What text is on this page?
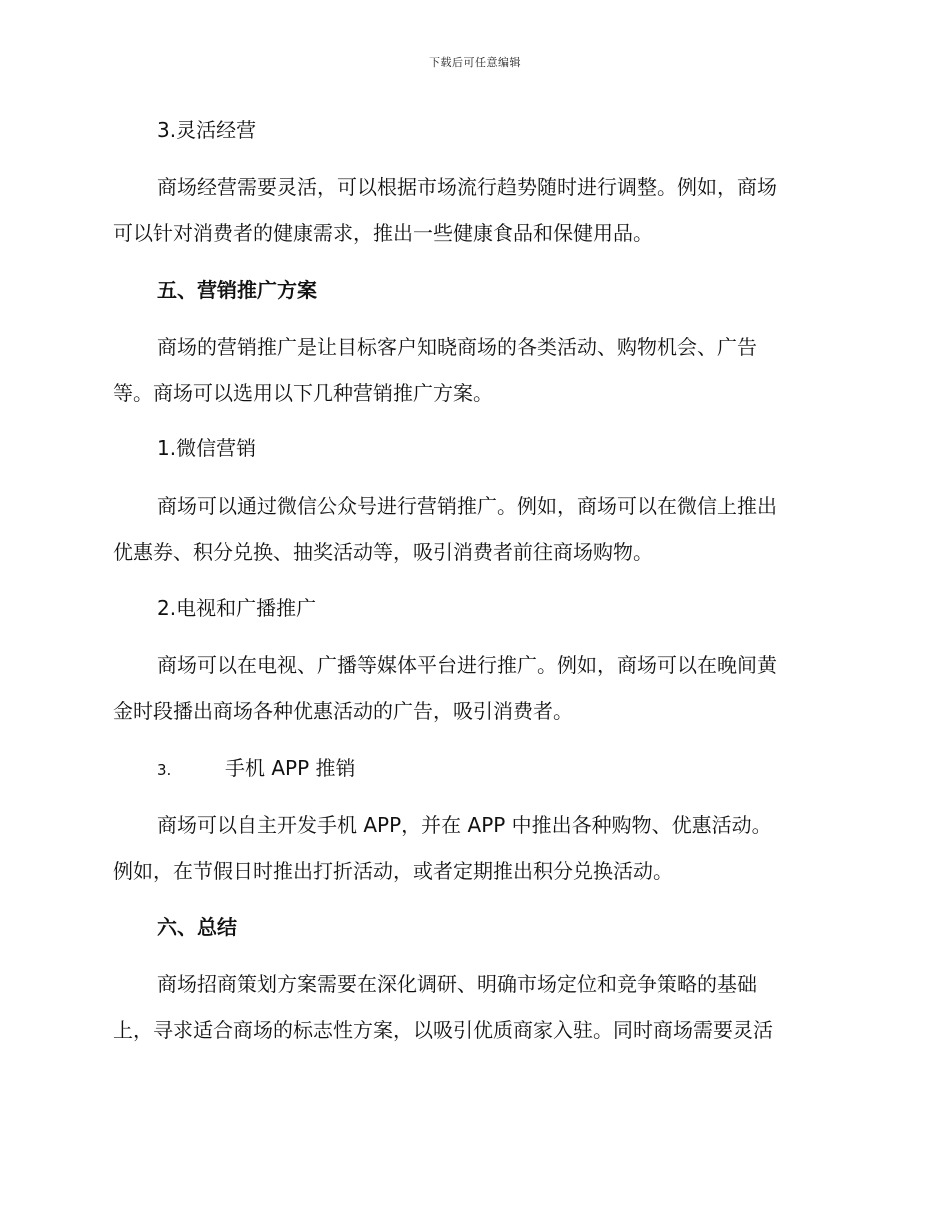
下载后可任意编辑
3.灵活经营
商场经营需要灵活，可以根据市场流行趋势随时进行调整。例如，商场
可以针对消费者的健康需求，推出一些健康食品和保健用品。
五、营销推广方案
商场的营销推广是让目标客户知晓商场的各类活动、购物机会、广告
等。商场可以选用以下几种营销推广方案。
1.微信营销
商场可以通过微信公众号进行营销推广。例如，商场可以在微信上推出
优惠券、积分兑换、抽奖活动等，吸引消费者前往商场购物。
2.电视和广播推广
商场可以在电视、广播等媒体平台进行推广。例如，商场可以在晚间黄
金时段播出商场各种优惠活动的广告，吸引消费者。
3.	手机 APP 推销
商场可以自主开发手机 APP，并在 APP 中推出各种购物、优惠活动。
例如，在节假日时推出打折活动，或者定期推出积分兑换活动。
六、总结
商场招商策划方案需要在深化调研、明确市场定位和竞争策略的基础
上，寻求适合商场的标志性方案，以吸引优质商家入驻。同时商场需要灵活
